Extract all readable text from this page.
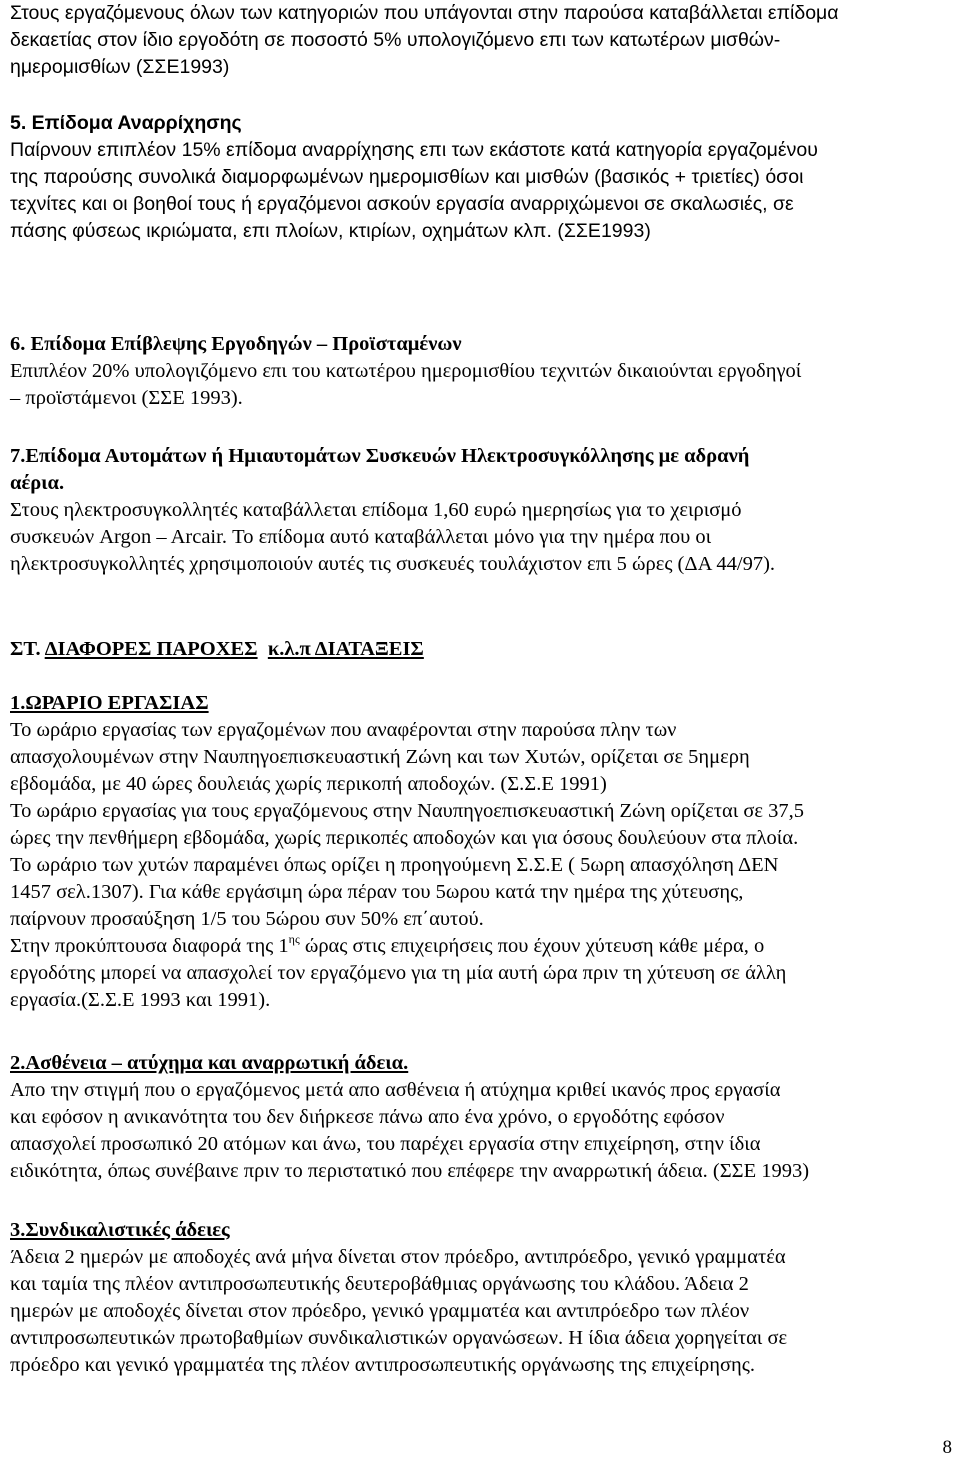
Στους εργαζόμενους όλων των κατηγοριών που υπάγονται στην παρούσα καταβάλλεται επίδομα
δεκαετίας στον ίδιο εργοδότη σε ποσοστό 5% υπολογιζόμενο επι των κατωτέρων μισθών-
ημερομισθίων (ΣΣΕ1993)
5. Επίδομα Αναρρίχησης
Παίρνουν επιπλέον 15% επίδομα αναρρίχησης επι των εκάστοτε κατά κατηγορία εργαζομένου
της παρούσης συνολικά διαμορφωμένων ημερομισθίων και μισθών (βασικός + τριετίες) όσοι
τεχνίτες και οι βοηθοί τους ή εργαζόμενοι ασκούν εργασία αναρριχώμενοι σε σκαλωσιές, σε
πάσης φύσεως ικριώματα, επι πλοίων, κτιρίων, οχημάτων κλπ. (ΣΣΕ1993)
6. Επίδομα Επίβλεψης Εργοδηγών – Προϊσταμένων
Επιπλέον 20% υπολογιζόμενο επι του κατωτέρου ημερομισθίου τεχνιτών δικαιούνται εργοδηγοί
– προϊστάμενοι (ΣΣΕ 1993).
7.Επίδομα Αυτομάτων ή Ημιαυτομάτων Συσκευών Ηλεκτροσυγκόλλησης με αδρανή
αέρια.
Στους ηλεκτροσυγκολλητές καταβάλλεται επίδομα 1,60 ευρώ ημερησίως για το χειρισμό
συσκευών Argon – Arcair. Το επίδομα αυτό καταβάλλεται μόνο για την ημέρα που οι
ηλεκτροσυγκολλητές χρησιμοποιούν αυτές τις συσκευές τουλάχιστον επι 5 ώρες (ΔΑ 44/97).
ΣΤ. ΔΙΑΦΟΡΕΣ ΠΑΡΟΧΕΣ κ.λ.π ΔΙΑΤΑΞΕΙΣ
1.ΩΡΑΡΙΟ ΕΡΓΑΣΙΑΣ
Το ωράριο εργασίας των εργαζομένων που αναφέρονται στην παρούσα πλην των
απασχολουμένων στην Ναυπηγοεπισκευαστική Ζώνη και των Χυτών, ορίζεται σε 5ημερη
εβδομάδα, με 40 ώρες δουλειάς χωρίς περικοπή αποδοχών. (Σ.Σ.Ε 1991)
Το ωράριο εργασίας για τους εργαζόμενους στην Ναυπηγοεπισκευαστική Ζώνη ορίζεται σε 37,5
ώρες την πενθήμερη εβδομάδα, χωρίς περικοπές αποδοχών και για όσους δουλεύουν στα πλοία.
Το ωράριο των χυτών παραμένει όπως ορίζει η προηγούμενη Σ.Σ.Ε ( 5ωρη απασχόληση ΔΕΝ
1457 σελ.1307). Για κάθε εργάσιμη ώρα πέραν του 5ωρου κατά την ημέρα της χύτευσης,
παίρνουν προσαύξηση 1/5 του 5ώρου συν 50% επ΄αυτού.
Στην προκύπτουσα διαφορά της $1^{\eta\varsigma}$ ώρας στις επιχειρήσεις που έχουν χύτευση κάθε μέρα, ο
εργοδότης μπορεί να απασχολεί τον εργαζόμενο για τη μία αυτή ώρα πριν τη χύτευση σε άλλη
εργασία.(Σ.Σ.Ε 1993 και 1991).
2.Ασθένεια – ατύχημα και αναρρωτική άδεια.
Απο την στιγμή που ο εργαζόμενος μετά απο ασθένεια ή ατύχημα κριθεί ικανός προς εργασία
και εφόσον η ανικανότητα του δεν διήρκεσε πάνω απο ένα χρόνο, ο εργοδότης εφόσον
απασχολεί προσωπικό 20 ατόμων και άνω, του παρέχει εργασία στην επιχείρηση, στην ίδια
ειδικότητα, όπως συνέβαινε πριν το περιστατικό που επέφερε την αναρρωτική άδεια. (ΣΣΕ 1993)
3.Συνδικαλιστικές άδειες
Άδεια 2 ημερών με αποδοχές ανά μήνα δίνεται στον πρόεδρο, αντιπρόεδρο, γενικό γραμματέα
και ταμία της πλέον αντιπροσωπευτικής δευτεροβάθμιας οργάνωσης του κλάδου. Άδεια 2
ημερών με αποδοχές δίνεται στον πρόεδρο, γενικό γραμματέα και αντιπρόεδρο των πλέον
αντιπροσωπευτικών πρωτοβαθμίων συνδικαλιστικών οργανώσεων. Η ίδια άδεια χορηγείται σε
πρόεδρο και γενικό γραμματέα της πλέον αντιπροσωπευτικής οργάνωσης της επιχείρησης.
8
